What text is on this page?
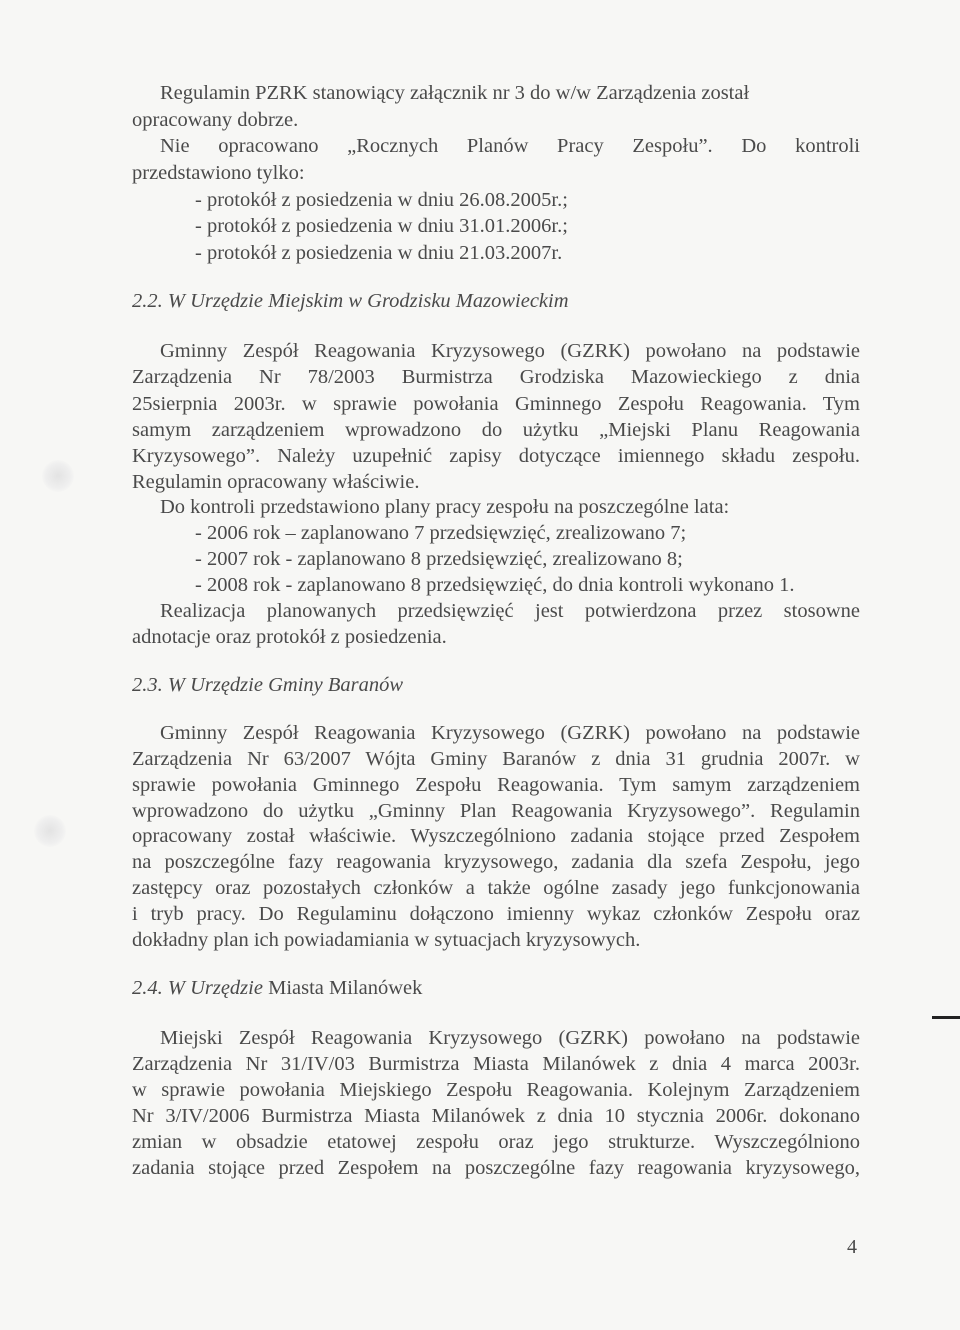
Regulamin PZRK stanowiący załącznik nr 3 do w/w Zarządzenia został
opracowany dobrze.
Nie opracowano „Rocznych Planów Pracy Zespołu”. Do kontroli
przedstawiono tylko:
- protokół z posiedzenia w dniu 26.08.2005r.;
- protokół z posiedzenia w dniu 31.01.2006r.;
- protokół z posiedzenia w dniu 21.03.2007r.
2.2. W Urzędzie Miejskim w Grodzisku Mazowieckim
Gminny Zespół Reagowania Kryzysowego (GZRK) powołano na podstawie
Zarządzenia Nr 78/2003 Burmistrza Grodziska Mazowieckiego z dnia
25sierpnia 2003r. w sprawie powołania Gminnego Zespołu Reagowania. Tym
samym zarządzeniem wprowadzono do użytku „Miejski Planu Reagowania
Kryzysowego”. Należy uzupełnić zapisy dotyczące imiennego składu zespołu.
Regulamin opracowany właściwie.
Do kontroli przedstawiono plany pracy zespołu na poszczególne lata:
- 2006 rok – zaplanowano 7 przedsięwzięć, zrealizowano 7;
- 2007 rok - zaplanowano 8 przedsięwzięć, zrealizowano 8;
- 2008 rok - zaplanowano 8 przedsięwzięć, do dnia kontroli wykonano 1.
Realizacja planowanych przedsięwzięć jest potwierdzona przez stosowne
adnotacje oraz protokół z posiedzenia.
2.3. W Urzędzie Gminy Baranów
Gminny Zespół Reagowania Kryzysowego (GZRK) powołano na podstawie
Zarządzenia Nr 63/2007 Wójta Gminy Baranów z dnia 31 grudnia 2007r. w
sprawie powołania Gminnego Zespołu Reagowania. Tym samym zarządzeniem
wprowadzono do użytku „Gminny Plan Reagowania Kryzysowego”. Regulamin
opracowany został właściwie. Wyszczególniono zadania stojące przed Zespołem
na poszczególne fazy reagowania kryzysowego, zadania dla szefa Zespołu, jego
zastępcy oraz pozostałych członków a także ogólne zasady jego funkcjonowania
i tryb pracy. Do Regulaminu dołączono imienny wykaz członków Zespołu oraz
dokładny plan ich powiadamiania w sytuacjach kryzysowych.
2.4. W Urzędzie Miasta Milanówek
Miejski Zespół Reagowania Kryzysowego (GZRK) powołano na podstawie
Zarządzenia Nr 31/IV/03 Burmistrza Miasta Milanówek z dnia 4 marca 2003r.
w sprawie powołania Miejskiego Zespołu Reagowania. Kolejnym Zarządzeniem
Nr 3/IV/2006 Burmistrza Miasta Milanówek z dnia 10 stycznia 2006r. dokonano
zmian w obsadzie etatowej zespołu oraz jego strukturze. Wyszczególniono
zadania stojące przed Zespołem na poszczególne fazy reagowania kryzysowego,
4
